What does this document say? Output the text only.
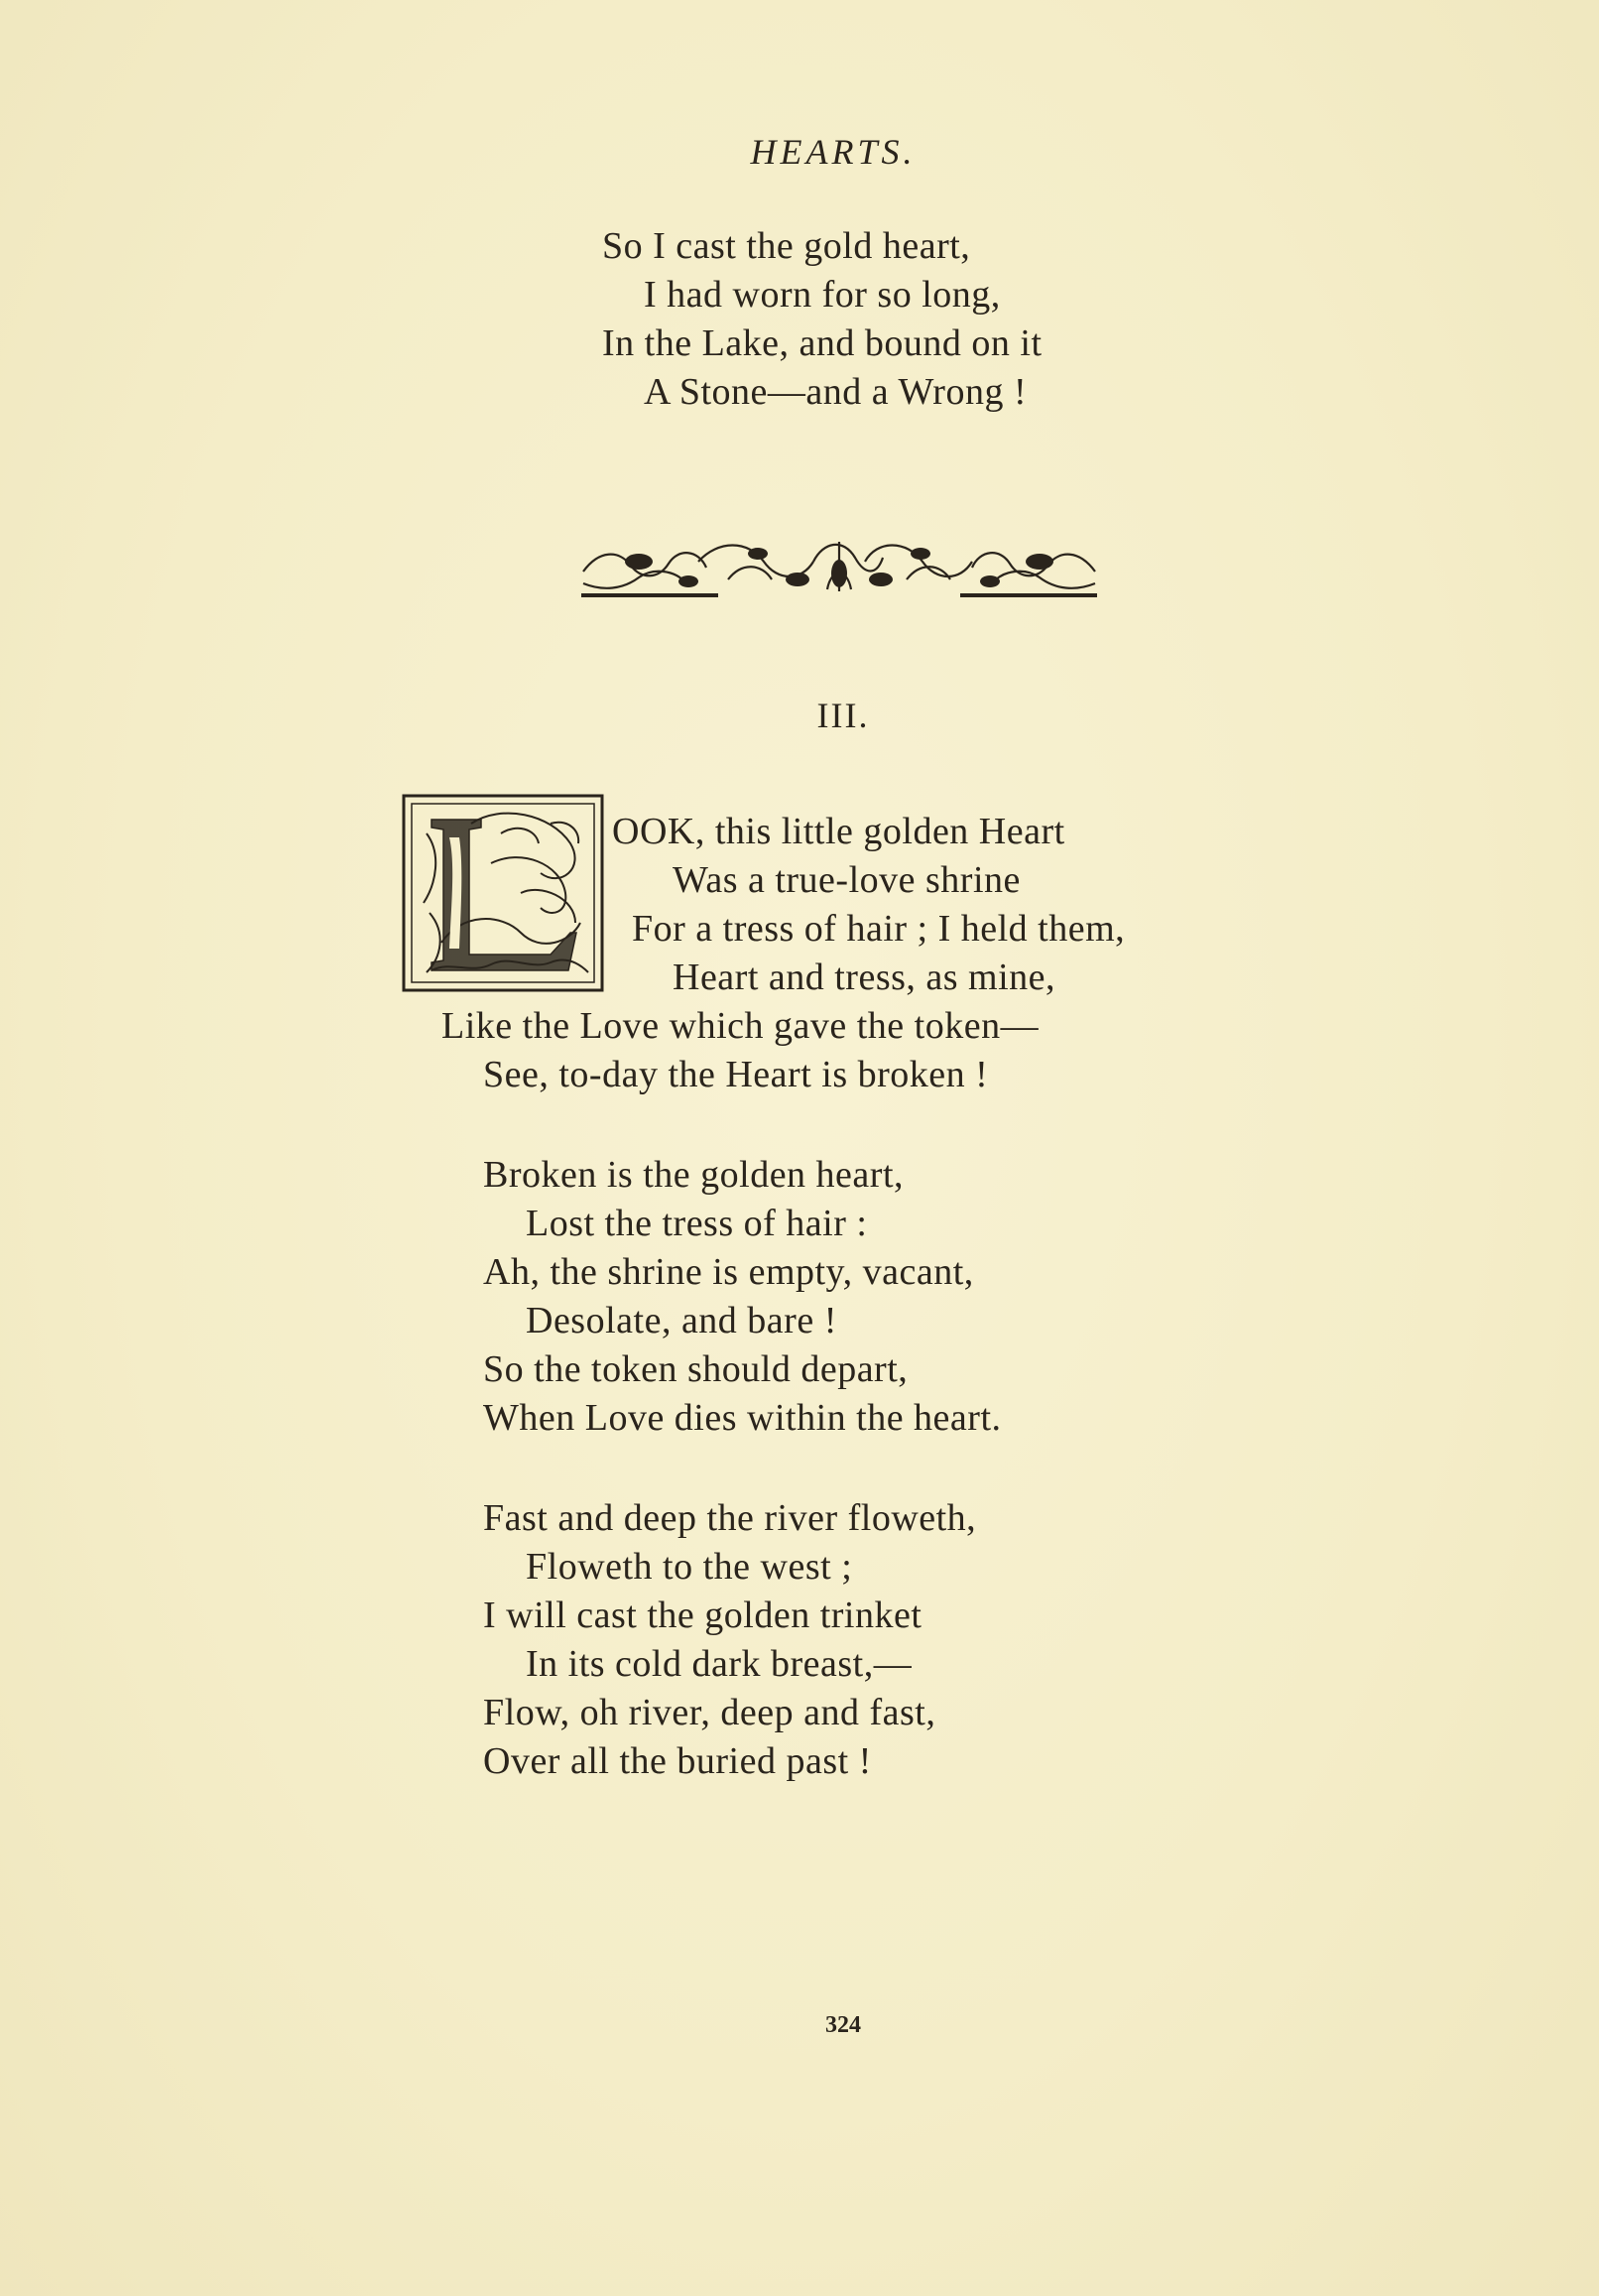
HEARTS.
So I cast the gold heart,
I had worn for so long,
In the Lake, and bound on it
A Stone—and a Wrong !
III.
OOK, this little golden Heart
Was a true-love shrine
For a tress of hair ; I held them,
Heart and tress, as mine,
Like the Love which gave the token—
See, to-day the Heart is broken !
Broken is the golden heart,
Lost the tress of hair :
Ah, the shrine is empty, vacant,
Desolate, and bare !
So the token should depart,
When Love dies within the heart.
Fast and deep the river floweth,
Floweth to the west ;
I will cast the golden trinket
In its cold dark breast,—
Flow, oh river, deep and fast,
Over all the buried past !
324
